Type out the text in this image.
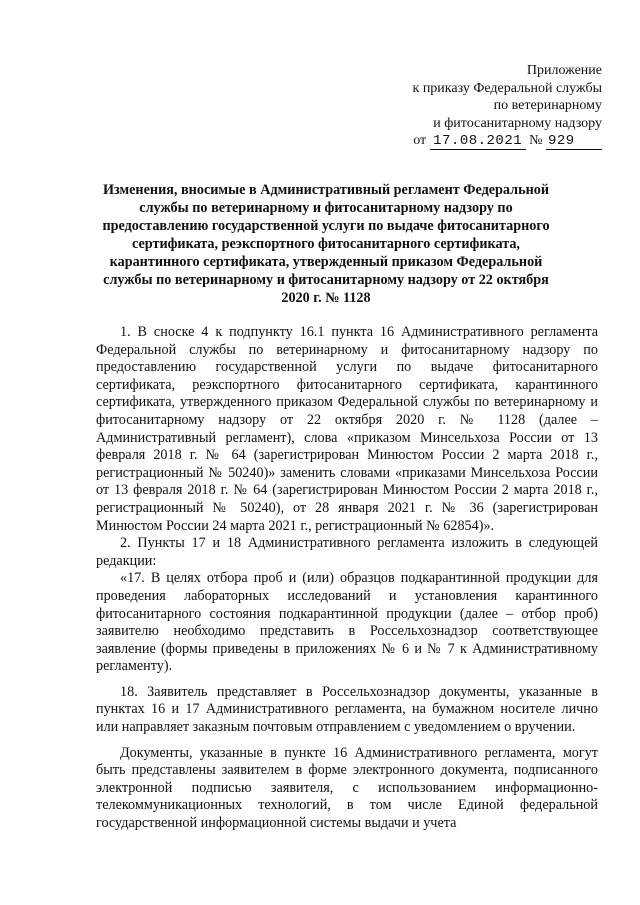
Приложение
к приказу Федеральной службы
по ветеринарному
и фитосанитарному надзору
от 17.08.2021 № 929
Изменения, вносимые в Административный регламент Федеральной службы по ветеринарному и фитосанитарному надзору по предоставлению государственной услуги по выдаче фитосанитарного сертификата, реэкспортного фитосанитарного сертификата, карантинного сертификата, утвержденный приказом Федеральной службы по ветеринарному и фитосанитарному надзору от 22 октября 2020 г. № 1128

1. В сноске 4 к подпункту 16.1 пункта 16 Административного регламента Федеральной службы по ветеринарному и фитосанитарному надзору по предоставлению государственной услуги по выдаче фитосанитарного сертификата, реэкспортного фитосанитарного сертификата, карантинного сертификата, утвержденного приказом Федеральной службы по ветеринарному и фитосанитарному надзору от 22 октября 2020 г. № 1128 (далее – Административный регламент), слова «приказом Минсельхоза России от 13 февраля 2018 г. № 64 (зарегистрирован Минюстом России 2 марта 2018 г., регистрационный № 50240)» заменить словами «приказами Минсельхоза России от 13 февраля 2018 г. № 64 (зарегистрирован Минюстом России 2 марта 2018 г., регистрационный № 50240), от 28 января 2021 г. № 36 (зарегистрирован Минюстом России 24 марта 2021 г., регистрационный № 62854)».

2. Пункты 17 и 18 Административного регламента изложить в следующей редакции:

«17. В целях отбора проб и (или) образцов подкарантинной продукции для проведения лабораторных исследований и установления карантинного фитосанитарного состояния подкарантинной продукции (далее – отбор проб) заявителю необходимо представить в Россельхознадзор соответствующее заявление (формы приведены в приложениях № 6 и № 7 к Административному регламенту).

18. Заявитель представляет в Россельхознадзор документы, указанные в пунктах 16 и 17 Административного регламента, на бумажном носителе лично или направляет заказным почтовым отправлением с уведомлением о вручении.

Документы, указанные в пункте 16 Административного регламента, могут быть представлены заявителем в форме электронного документа, подписанного электронной подписью заявителя, с использованием информационно-телекоммуникационных технологий, в том числе Единой федеральной государственной информационной системы выдачи и учета
